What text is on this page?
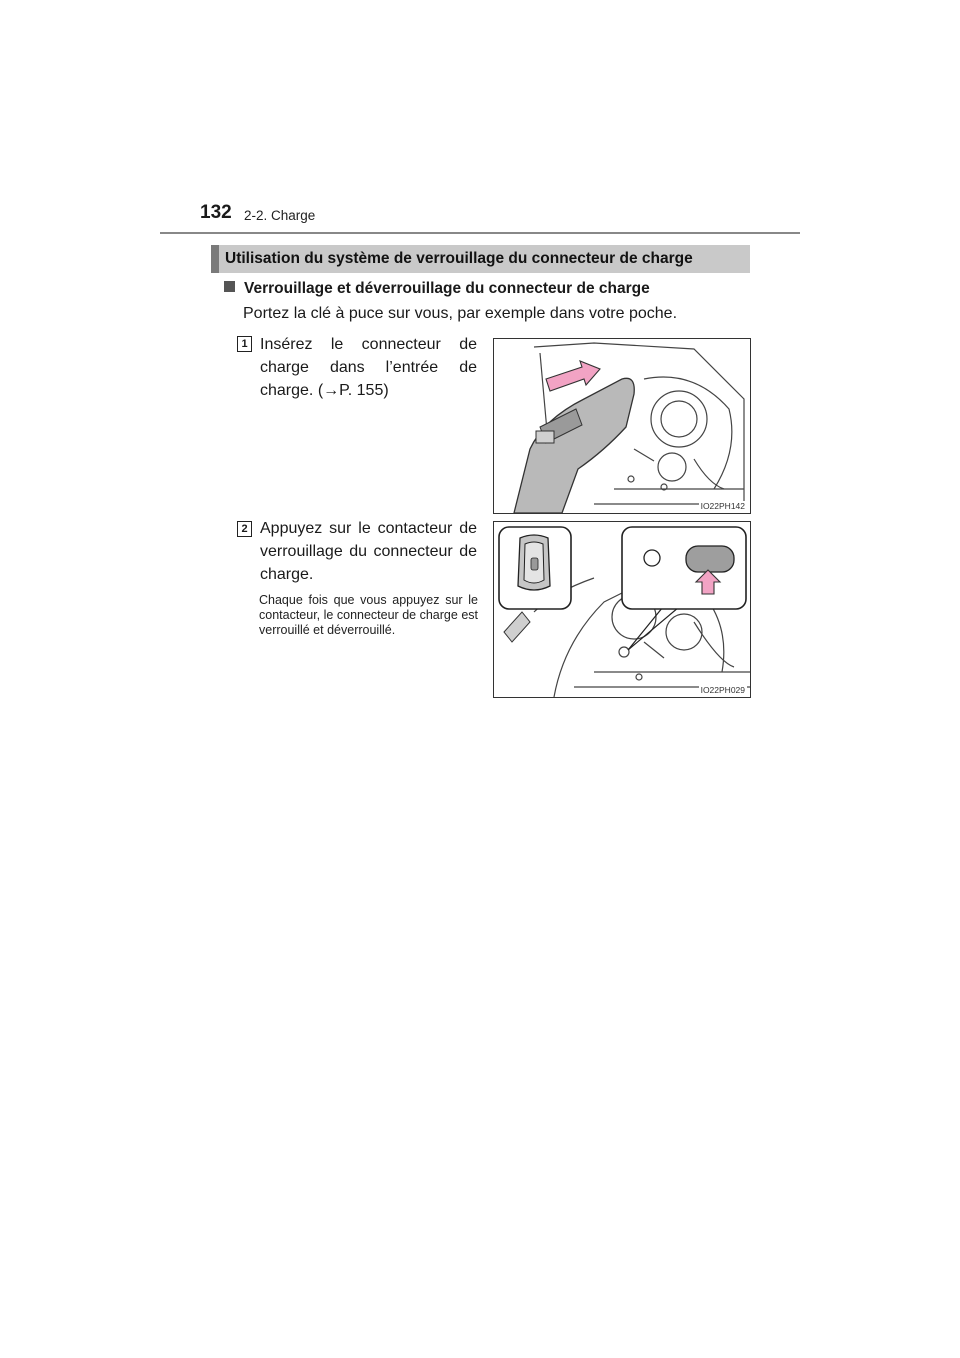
132 2-2. Charge
Utilisation du système de verrouillage du connecteur de charge
Verrouillage et déverrouillage du connecteur de charge
Portez la clé à puce sur vous, par exemple dans votre poche.
1 Insérez le connecteur de charge dans l’entrée de charge. (→P. 155)
IO22PH142
2 Appuyez sur le contacteur de verrouillage du connecteur de charge.
Chaque fois que vous appuyez sur le contacteur, le connecteur de charge est verrouillé et déverrouillé.
IO22PH029
